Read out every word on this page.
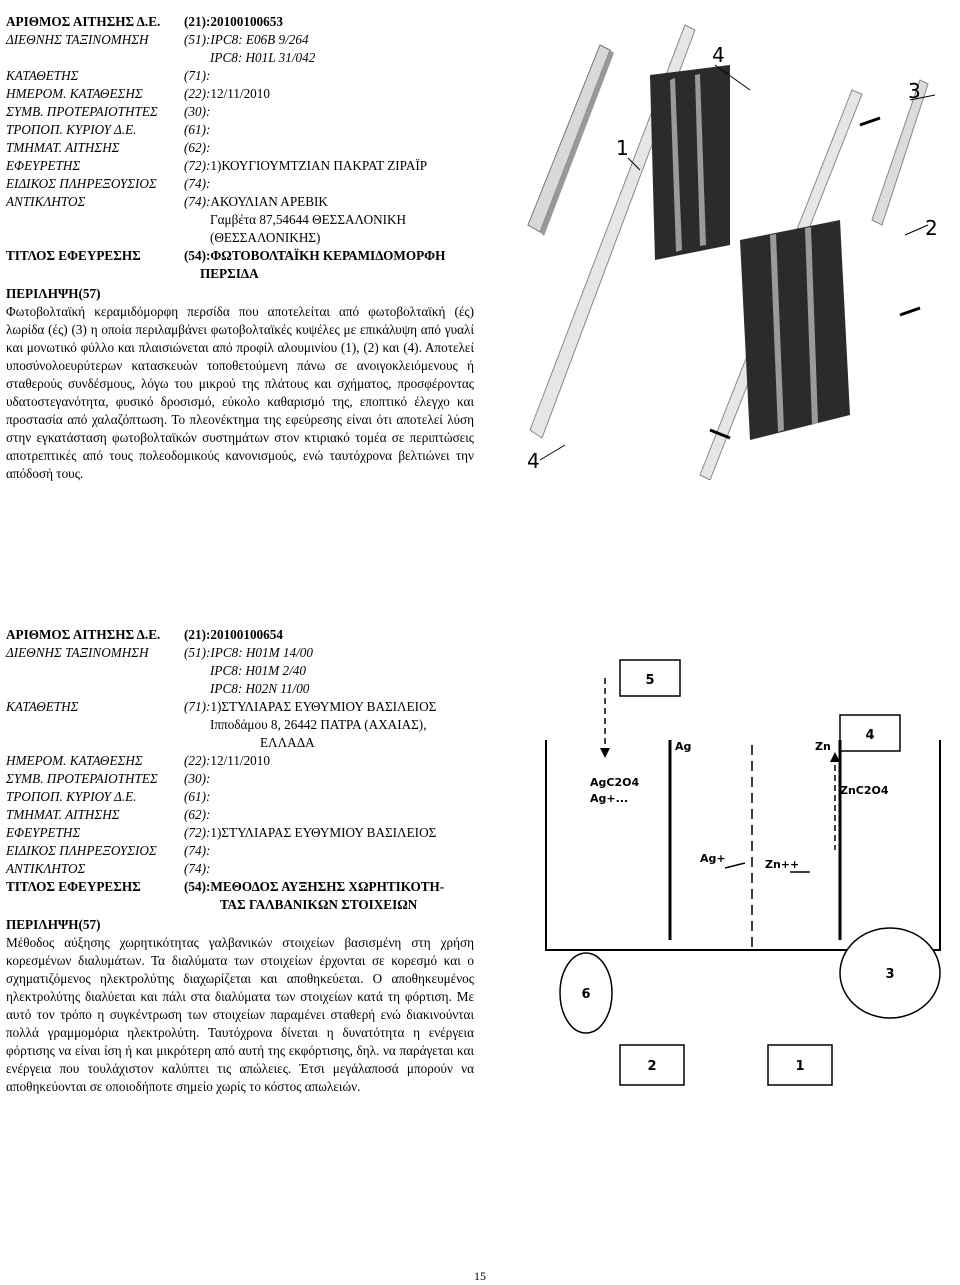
ΑΡΙΘΜΟΣ ΑΙΤΗΣΗΣ Δ.Ε.	(21):20100100653
ΔΙΕΘΝΗΣ ΤΑΞΙΝΟΜΗΣΗ	(51):IPC8: E06B 9/264
IPC8: H01L 31/042
ΚΑΤΑΘΕΤΗΣ	(71):
ΗΜΕΡΟΜ. ΚΑΤΑΘΕΣΗΣ	(22):12/11/2010
ΣΥΜΒ. ΠΡΟΤΕΡΑΙΟΤΗΤΕΣ	(30):
ΤΡΟΠΟΠ. ΚΥΡΙΟΥ Δ.Ε.	(61):
ΤΜΗΜΑΤ. ΑΙΤΗΣΗΣ	(62):
ΕΦΕΥΡΕΤΗΣ	(72):1)ΚΟΥΓΙΟΥΜΤΖΙΑΝ ΠΑΚΡΑΤ ΖΙΡΑΪΡ
ΕΙΔΙΚΟΣ ΠΛΗΡΕΞΟΥΣΙΟΣ	(74):
ΑΝΤΙΚΛΗΤΟΣ	(74):ΑΚΟΥΛΙΑΝ ΑΡΕΒΙΚ
Γαμβέτα 87,54644 ΘΕΣΣΑΛΟΝΙΚΗ
(ΘΕΣΣΑΛΟΝΙΚΗΣ)
ΤΙΤΛΟΣ ΕΦΕΥΡΕΣΗΣ	(54):ΦΩΤΟΒΟΛΤΑΪΚΗ ΚΕΡΑΜΙΔΟΜΟΡΦΗ
ΠΕΡΣΙΔΑ
ΠΕΡΙΛΗΨΗ(57)

Φωτοβολταϊκή κεραμιδόμορφη περσίδα που αποτελείται από φωτοβολταϊκή (ές) λωρίδα (ές) (3) η οποία περιλαμβάνει φωτοβολταϊκές κυψέλες με επικάλυψη από γυαλί και μονωτικό φύλλο και πλαισιώνεται από προφίλ αλουμινίου (1), (2) και (4). Αποτελεί υποσύνολοευρύτερων κατασκευών τοποθετούμενη πάνω σε ανοιγοκλειόμενους ή σταθερούς συνδέσμους, λόγω του μικρού της πλάτους και σχήματος, προσφέροντας υδατοστεγανότητα, φυσικό δροσισμό, εύκολο καθαρισμό της, εποπτικό έλεγχο και προστασία από χαλαζόπτωση. Το πλεονέκτημα της εφεύρεσης είναι ότι αποτελεί λύση στην εγκατάσταση φωτοβολταϊκών συστημάτων στον κτιριακό τομέα σε περιπτώσεις αποτρεπτικές από τους πολεοδομικούς κανονισμούς, ενώ ταυτόχρονα βελτιώνει την απόδοσή τους.

1
2
3
4
4
ΑΡΙΘΜΟΣ ΑΙΤΗΣΗΣ Δ.Ε.	(21):20100100654
ΔΙΕΘΝΗΣ ΤΑΞΙΝΟΜΗΣΗ	(51):IPC8: H01M 14/00
IPC8: H01M 2/40
IPC8: H02N 11/00
ΚΑΤΑΘΕΤΗΣ	(71):1)ΣΤΥΛΙΑΡΑΣ ΕΥΘΥΜΙΟΥ ΒΑΣΙΛΕΙΟΣ
Ιπποδάμου 8, 26442 ΠΑΤΡΑ (ΑΧΑΙΑΣ),
ΕΛΛΑΔΑ
ΗΜΕΡΟΜ. ΚΑΤΑΘΕΣΗΣ	(22):12/11/2010
ΣΥΜΒ. ΠΡΟΤΕΡΑΙΟΤΗΤΕΣ	(30):
ΤΡΟΠΟΠ. ΚΥΡΙΟΥ Δ.Ε.	(61):
ΤΜΗΜΑΤ. ΑΙΤΗΣΗΣ	(62):
ΕΦΕΥΡΕΤΗΣ	(72):1)ΣΤΥΛΙΑΡΑΣ ΕΥΘΥΜΙΟΥ ΒΑΣΙΛΕΙΟΣ
ΕΙΔΙΚΟΣ ΠΛΗΡΕΞΟΥΣΙΟΣ	(74):
ΑΝΤΙΚΛΗΤΟΣ	(74):
ΤΙΤΛΟΣ ΕΦΕΥΡΕΣΗΣ	(54):ΜΕΘΟΔΟΣ ΑΥΞΗΣΗΣ ΧΩΡΗΤΙΚΟΤΗ-
ΤΑΣ ΓΑΛΒΑΝΙΚΩΝ ΣΤΟΙΧΕΙΩΝ
ΠΕΡΙΛΗΨΗ(57)

Μέθοδος αύξησης χωρητικότητας γαλβανικών στοιχείων βασισμένη στη χρήση κορεσμένων διαλυμάτων. Τα διαλύματα των στοιχείων έρχονται σε κορεσμό και ο σχηματιζόμενος ηλεκτρολύτης διαχωρίζεται και αποθηκεύεται. Ο αποθηκευμένος ηλεκτρολύτης διαλύεται και πάλι στα διαλύματα των στοιχείων κατά τη φόρτιση. Με αυτό τον τρόπο η συγκέντρωση των στοιχείων παραμένει σταθερή ενώ διακινούνται πολλά γραμμομόρια ηλεκτρολύτη. Ταυτόχρονα δίνεται η δυνατότητα η ενέργεια φόρτισης να είναι ίση ή και μικρότερη από αυτή της εκφόρτισης, δηλ. να παράγεται και ενέργεια που τουλάχιστον καλύπτει τις απώλειες. Έτσι μεγάλαποσά μπορούν να αποθηκεύονται σε οποιοδήποτε σημείο χωρίς το κόστος απωλειών.

5
4
Ag	Zn
AgC2O4
Ag+...
ZnC2O4
Ag+	Zn++
6
3
2	1
15
